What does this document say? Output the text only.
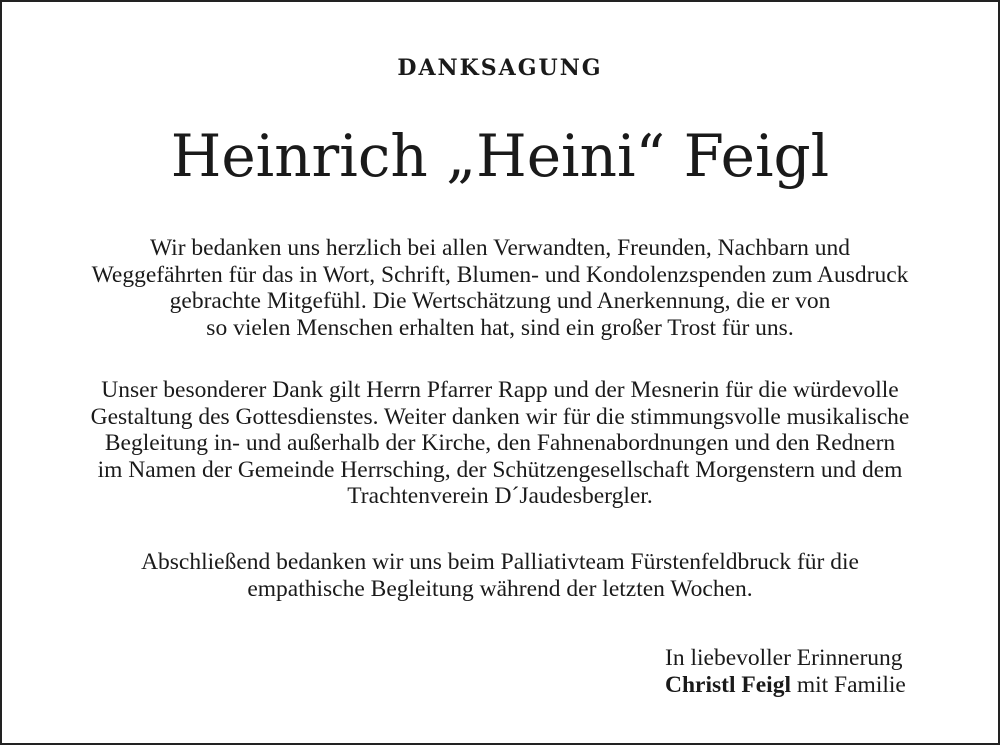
DANKSAGUNG
Heinrich „Heini“ Feigl
Wir bedanken uns herzlich bei allen Verwandten, Freunden, Nachbarn und
Weggefährten für das in Wort, Schrift, Blumen- und Kondolenzspenden zum Ausdruck
gebrachte Mitgefühl. Die Wertschätzung und Anerkennung, die er von
so vielen Menschen erhalten hat, sind ein großer Trost für uns.
Unser besonderer Dank gilt Herrn Pfarrer Rapp und der Mesnerin für die würdevolle
Gestaltung des Gottesdienstes. Weiter danken wir für die stimmungsvolle musikalische
Begleitung in- und außerhalb der Kirche, den Fahnenabordnungen und den Rednern
im Namen der Gemeinde Herrsching, der Schützengesellschaft Morgenstern und dem
Trachtenverein D´Jaudesbergler.
Abschließend bedanken wir uns beim Palliativteam Fürstenfeldbruck für die
empathische Begleitung während der letzten Wochen.
In liebevoller Erinnerung
Christl Feigl mit Familie
